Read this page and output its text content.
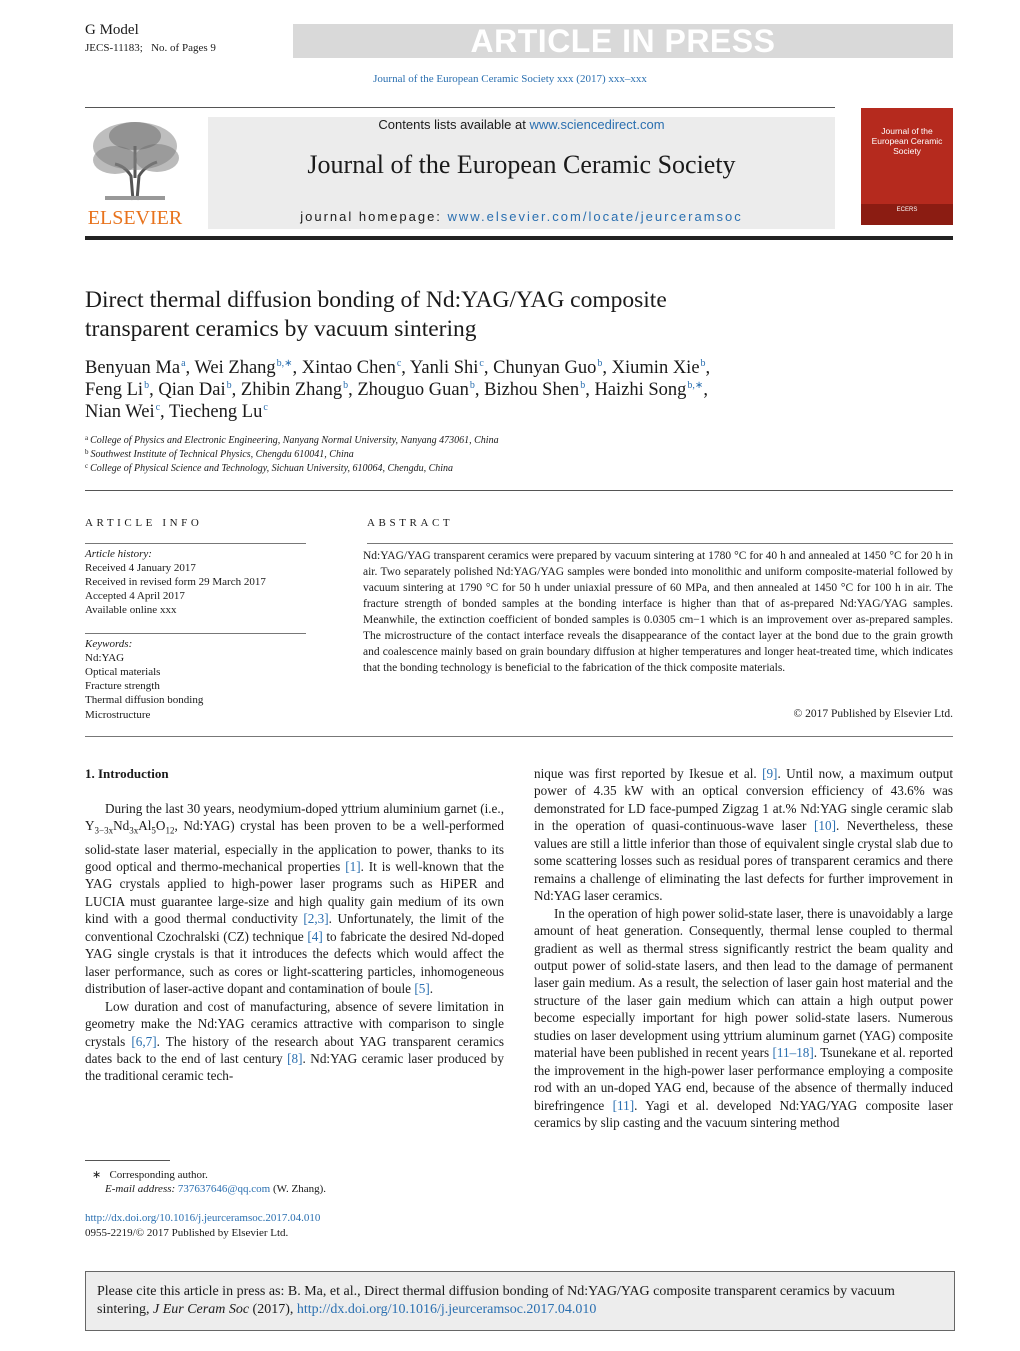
G Model
JECS-11183; No. of Pages 9	ARTICLE IN PRESS
Journal of the European Ceramic Society xxx (2017) xxx–xxx
ELSEVIER
Contents lists available at www.sciencedirect.com
Journal of the European Ceramic Society
journal homepage: www.elsevier.com/locate/jeurceramsoc
Journal of the European Ceramic Society
ECERS
Direct thermal diffusion bonding of Nd:YAG/YAG composite
transparent ceramics by vacuum sintering
Benyuan Ma$^a$, Wei Zhang$^{b,∗}$, Xintao Chen$^c$, Yanli Shi$^c$, Chunyan Guo$^b$, Xiumin Xie$^b$,
Feng Li$^b$, Qian Dai$^b$, Zhibin Zhang$^b$, Zhouguo Guan$^b$, Bizhou Shen$^b$, Haizhi Song$^{b,∗}$,
Nian Wei$^c$, Tiecheng Lu$^c$
$^a$ College of Physics and Electronic Engineering, Nanyang Normal University, Nanyang 473061, China
$^b$ Southwest Institute of Technical Physics, Chengdu 610041, China
$^c$ College of Physical Science and Technology, Sichuan University, 610064, Chengdu, China
ARTICLE INFO
Article history:
Received 4 January 2017
Received in revised form 29 March 2017
Accepted 4 April 2017
Available online xxx
Keywords:
Nd:YAG
Optical materials
Fracture strength
Thermal diffusion bonding
Microstructure
ABSTRACT
Nd:YAG/YAG transparent ceramics were prepared by vacuum sintering at 1780 °C for 40 h and annealed at 1450 °C for 20 h in air. Two separately polished Nd:YAG/YAG samples were bonded into monolithic and uniform composite-material followed by vacuum sintering at 1790 °C for 50 h under uniaxial pressure of 60 MPa, and then annealed at 1450 °C for 100 h in air. The fracture strength of bonded samples at the bonding interface is higher than that of as-prepared Nd:YAG/YAG samples. Meanwhile, the extinction coefficient of bonded samples is 0.0305 cm−1 which is an improvement over as-prepared samples. The microstructure of the contact interface reveals the disappearance of the contact layer at the bond due to the grain growth and coalescence mainly based on grain boundary diffusion at higher temperatures and longer heat-treated time, which indicates that the bonding technology is beneficial to the fabrication of the thick composite materials.
© 2017 Published by Elsevier Ltd.
1. Introduction

During the last 30 years, neodymium-doped yttrium aluminium garnet (i.e., $Y_{3-3x}Nd_{3x}Al_5O_{12}$, Nd:YAG) crystal has been proven to be a well-performed solid-state laser material, especially in the application to power, thanks to its good optical and thermo-mechanical properties [1]. It is well-known that the YAG crystals applied to high-power laser programs such as HiPER and LUCIA must guarantee large-size and high quality gain medium of its own kind with a good thermal conductivity [2,3]. Unfortunately, the limit of the conventional Czochralski (CZ) technique [4] to fabricate the desired Nd-doped YAG single crystals is that it introduces the defects which would affect the laser performance, such as cores or light-scattering particles, inhomogeneous distribution of laser-active dopant and contamination of boule [5].

Low duration and cost of manufacturing, absence of severe limitation in geometry make the Nd:YAG ceramics attractive with comparison to single crystals [6,7]. The history of the research about YAG transparent ceramics dates back to the end of last century [8]. Nd:YAG ceramic laser produced by the traditional ceramic tech-

nique was first reported by Ikesue et al. [9]. Until now, a maximum output power of 4.35 kW with an optical conversion efficiency of 43.6% was demonstrated for LD face-pumped Zigzag 1 at.% Nd:YAG single ceramic slab in the operation of quasi-continuous-wave laser [10]. Nevertheless, these values are still a little inferior than those of equivalent single crystal slab due to some scattering losses such as residual pores of transparent ceramics and there remains a challenge of eliminating the last defects for further improvement in Nd:YAG laser ceramics.

In the operation of high power solid-state laser, there is unavoidably a large amount of heat generation. Consequently, thermal lense coupled to thermal gradient as well as thermal stress significantly restrict the beam quality and output power of solid-state lasers, and then lead to the damage of permanent laser gain medium. As a result, the selection of laser gain host material and the structure of the laser gain medium which can attain a high output power become especially important for high power solid-state lasers. Numerous studies on laser development using yttrium aluminum garnet (YAG) composite material have been published in recent years [11–18]. Tsunekane et al. reported the improvement in the high-power laser performance employing a composite rod with an un-doped YAG end, because of the absence of thermally induced birefringence [11]. Yagi et al. developed Nd:YAG/YAG composite laser ceramics by slip casting and the vacuum sintering method

∗ Corresponding author.
E-mail address: 737637646@qq.com (W. Zhang).
http://dx.doi.org/10.1016/j.jeurceramsoc.2017.04.010
0955-2219/© 2017 Published by Elsevier Ltd.
Please cite this article in press as: B. Ma, et al., Direct thermal diffusion bonding of Nd:YAG/YAG composite transparent ceramics by vacuum sintering, J Eur Ceram Soc (2017), http://dx.doi.org/10.1016/j.jeurceramsoc.2017.04.010
